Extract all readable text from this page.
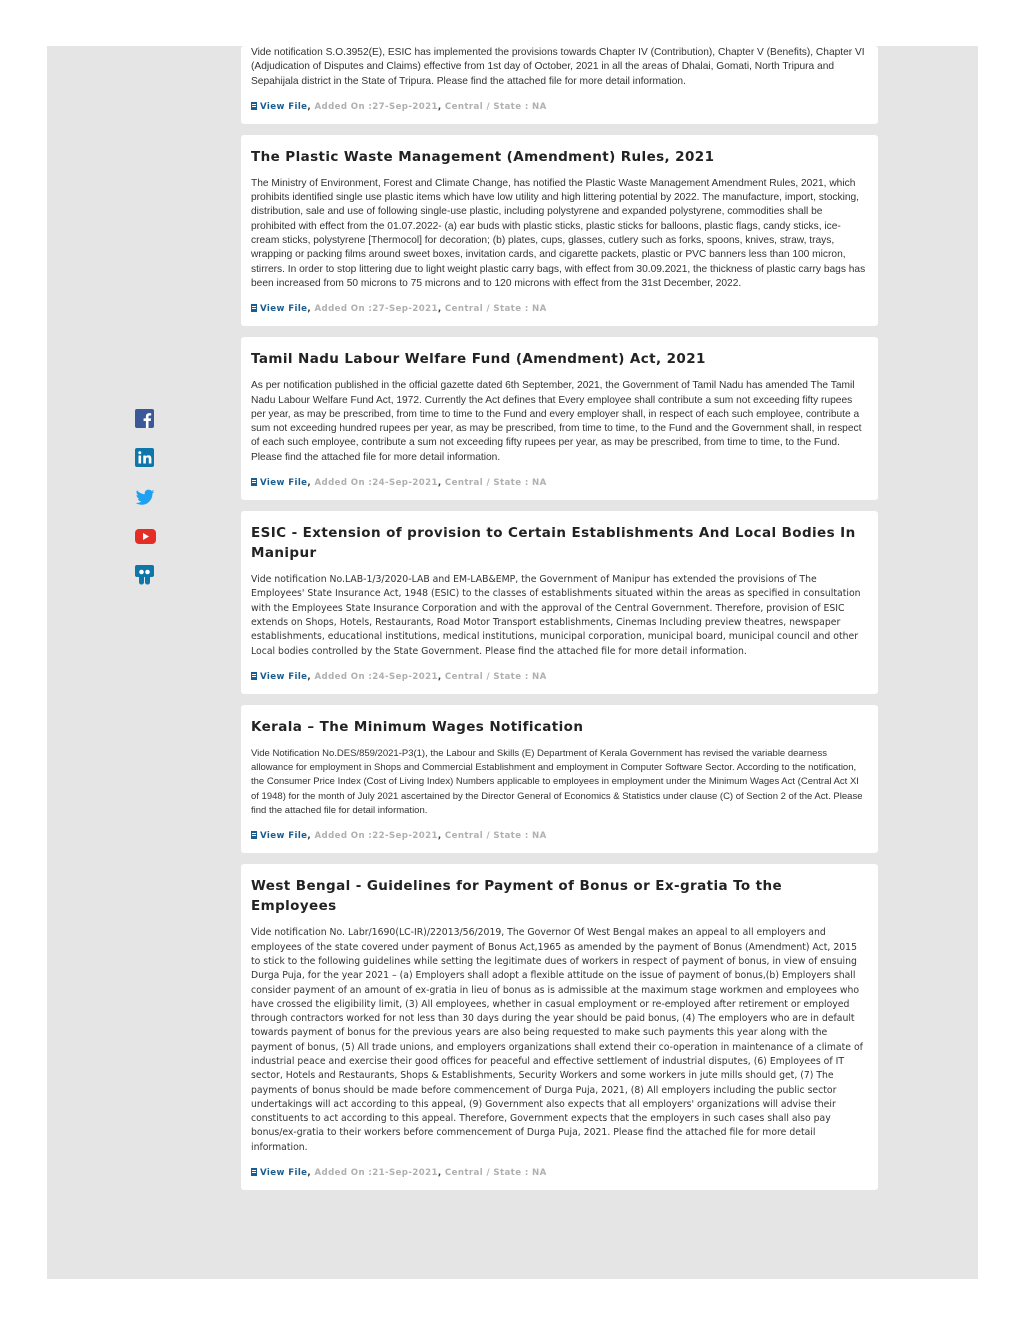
Vide notification S.O.3952(E), ESIC has implemented the provisions towards Chapter IV (Contribution), Chapter V (Benefits), Chapter VI (Adjudication of Disputes and Claims) effective from 1st day of October, 2021 in all the areas of Dhalai, Gomati, North Tripura and Sepahijala district in the State of Tripura. Please find the attached file for more detail information.

View File, Added On :27-Sep-2021, Central / State : NA
The Plastic Waste Management (Amendment) Rules, 2021

The Ministry of Environment, Forest and Climate Change, has notified the Plastic Waste Management Amendment Rules, 2021, which prohibits identified single use plastic items which have low utility and high littering potential by 2022. The manufacture, import, stocking, distribution, sale and use of following single-use plastic, including polystyrene and expanded polystyrene, commodities shall be prohibited with effect from the 01.07.2022- (a) ear buds with plastic sticks, plastic sticks for balloons, plastic flags, candy sticks, ice-cream sticks, polystyrene [Thermocol] for decoration; (b) plates, cups, glasses, cutlery such as forks, spoons, knives, straw, trays, wrapping or packing films around sweet boxes, invitation cards, and cigarette packets, plastic or PVC banners less than 100 micron, stirrers. In order to stop littering due to light weight plastic carry bags, with effect from 30.09.2021, the thickness of plastic carry bags has been increased from 50 microns to 75 microns and to 120 microns with effect from the 31st December, 2022.

View File, Added On :27-Sep-2021, Central / State : NA
Tamil Nadu Labour Welfare Fund (Amendment) Act, 2021

As per notification published in the official gazette dated 6th September, 2021, the Government of Tamil Nadu has amended The Tamil Nadu Labour Welfare Fund Act, 1972. Currently the Act defines that Every employee shall contribute a sum not exceeding fifty rupees per year, as may be prescribed, from time to time to the Fund and every employer shall, in respect of each such employee, contribute a sum not exceeding hundred rupees per year, as may be prescribed, from time to time, to the Fund and the Government shall, in respect of each such employee, contribute a sum not exceeding fifty rupees per year, as may be prescribed, from time to time, to the Fund. Please find the attached file for more detail information.

View File, Added On :24-Sep-2021, Central / State : NA
ESIC - Extension of provision to Certain Establishments And Local Bodies In Manipur

Vide notification No.LAB-1/3/2020-LAB and EM-LAB&EMP, the Government of Manipur has extended the provisions of The Employees' State Insurance Act, 1948 (ESIC) to the classes of establishments situated within the areas as specified in consultation with the Employees State Insurance Corporation and with the approval of the Central Government. Therefore, provision of ESIC extends on Shops, Hotels, Restaurants, Road Motor Transport establishments, Cinemas Including preview theatres, newspaper establishments, educational institutions, medical institutions, municipal corporation, municipal board, municipal council and other Local bodies controlled by the State Government. Please find the attached file for more detail information.

View File, Added On :24-Sep-2021, Central / State : NA
Kerala – The Minimum Wages Notification

Vide Notification No.DES/859/2021-P3(1), the Labour and Skills (E) Department of Kerala Government has revised the variable dearness allowance for employment in Shops and Commercial Establishment and employment in Computer Software Sector. According to the notification, the Consumer Price Index (Cost of Living Index) Numbers applicable to employees in employment under the Minimum Wages Act (Central Act XI of 1948) for the month of July 2021 ascertained by the Director General of Economics & Statistics under clause (C) of Section 2 of the Act. Please find the attached file for detail information.

View File, Added On :22-Sep-2021, Central / State : NA
West Bengal - Guidelines for Payment of Bonus or Ex-gratia To the Employees

Vide notification No. Labr/1690(LC-IR)/22013/56/2019, The Governor Of West Bengal makes an appeal to all employers and employees of the state covered under payment of Bonus Act,1965 as amended by the payment of Bonus (Amendment) Act, 2015 to stick to the following guidelines while setting the legitimate dues of workers in respect of payment of bonus, in view of ensuing Durga Puja, for the year 2021 – (a) Employers shall adopt a flexible attitude on the issue of payment of bonus,(b) Employers shall consider payment of an amount of ex-gratia in lieu of bonus as is admissible at the maximum stage workmen and employees who have crossed the eligibility limit, (3) All employees, whether in casual employment or re-employed after retirement or employed through contractors worked for not less than 30 days during the year should be paid bonus, (4) The employers who are in default towards payment of bonus for the previous years are also being requested to make such payments this year along with the payment of bonus, (5) All trade unions, and employers organizations shall extend their co-operation in maintenance of a climate of industrial peace and exercise their good offices for peaceful and effective settlement of industrial disputes, (6) Employees of IT sector, Hotels and Restaurants, Shops & Establishments, Security Workers and some workers in jute mills should get, (7) The payments of bonus should be made before commencement of Durga Puja, 2021, (8) All employers including the public sector undertakings will act according to this appeal, (9) Government also expects that all employers' organizations will advise their constituents to act according to this appeal. Therefore, Government expects that the employers in such cases shall also pay bonus/ex-gratia to their workers before commencement of Durga Puja, 2021. Please find the attached file for more detail information.

View File, Added On :21-Sep-2021, Central / State : NA
